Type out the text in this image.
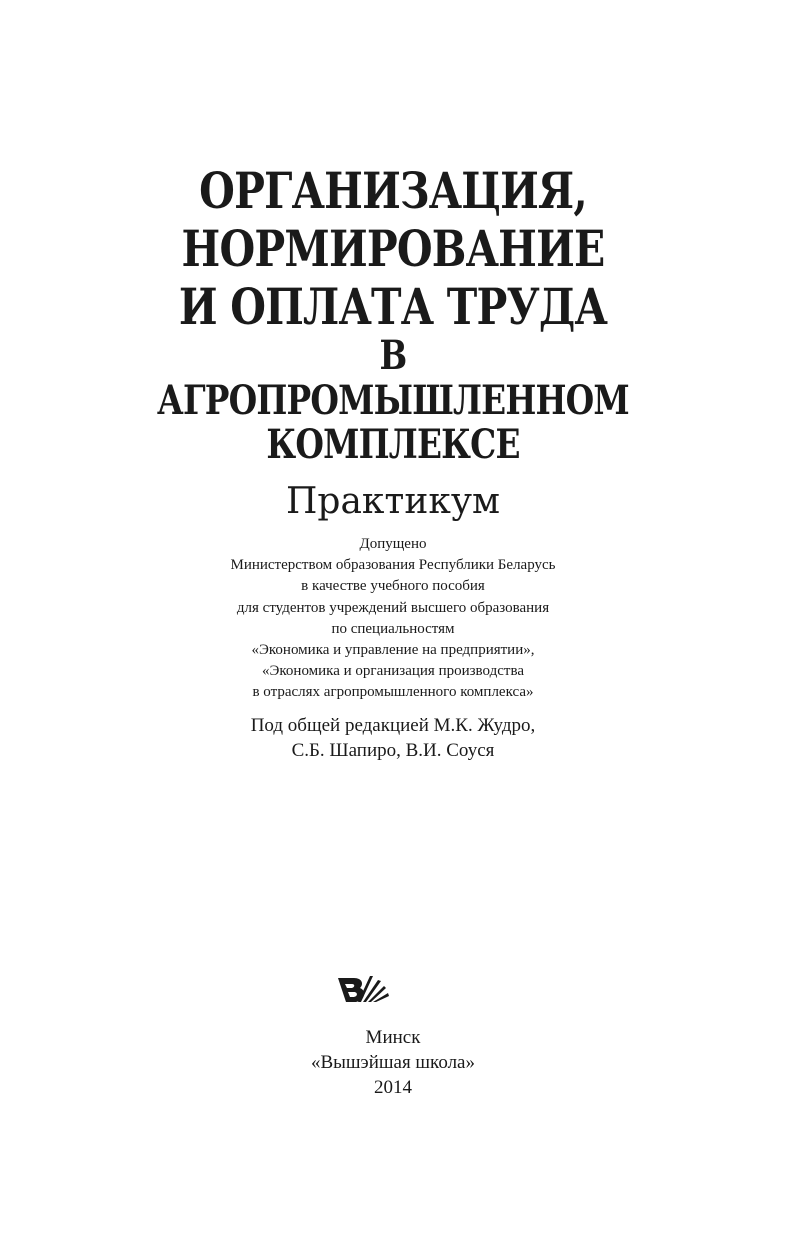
ОРГАНИЗАЦИЯ,
НОРМИРОВАНИЕ
И ОПЛАТА ТРУДА
В
АГРОПРОМЫШЛЕННОМ
КОМПЛЕКСЕ
Практикум
Допущено
Министерством образования Республики Беларусь
в качестве учебного пособия
для студентов учреждений высшего образования
по специальностям
«Экономика и управление на предприятии»,
«Экономика и организация производства
в отраслях агропромышленного комплекса»
Под общей редакцией М.К. Жудро,
С.Б. Шапиро, В.И. Соуся
Минск
«Вышэйшая школа»
2014
